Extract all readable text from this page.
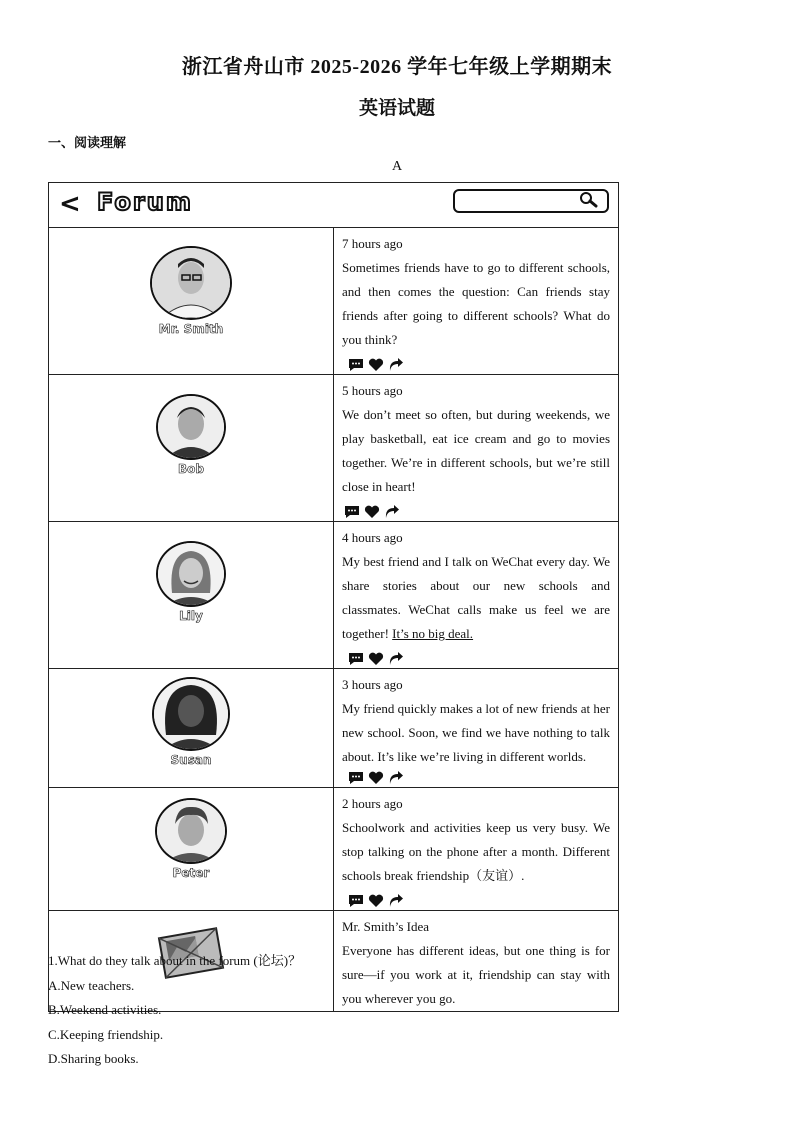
浙江省舟山市 2025-2026 学年七年级上学期期末
英语试题
一、阅读理解
A
< Forum	

Mr. Smith	7 hours ago
Sometimes friends have to go to different schools, and then comes the question: Can friends stay friends after going to different schools? What do you think?

Bob	5 hours ago
We don’t meet so often, but during weekends, we play basketball, eat ice cream and go to movies together. We’re in different schools, but we’re still close in heart!

Lily	4 hours ago
My best friend and I talk on WeChat every day. We share stories about our new schools and classmates. WeChat calls make us feel we are together! It’s no big deal.

Susan	3 hours ago
My friend quickly makes a lot of new friends at her new school. Soon, we find we have nothing to talk about. It’s like we’re living in different worlds.

Peter	2 hours ago
Schoolwork and activities keep us very busy. We stop talking on the phone after a month. Different schools break friendship（友谊）.

Mr. Smith’s Idea
Everyone has different ideas, but one thing is for sure—if you work at it, friendship can stay with you wherever you go.
1.What do they talk about in the forum (论坛)？
A.New teachers.
B.Weekend activities.
C.Keeping friendship.
D.Sharing books.
